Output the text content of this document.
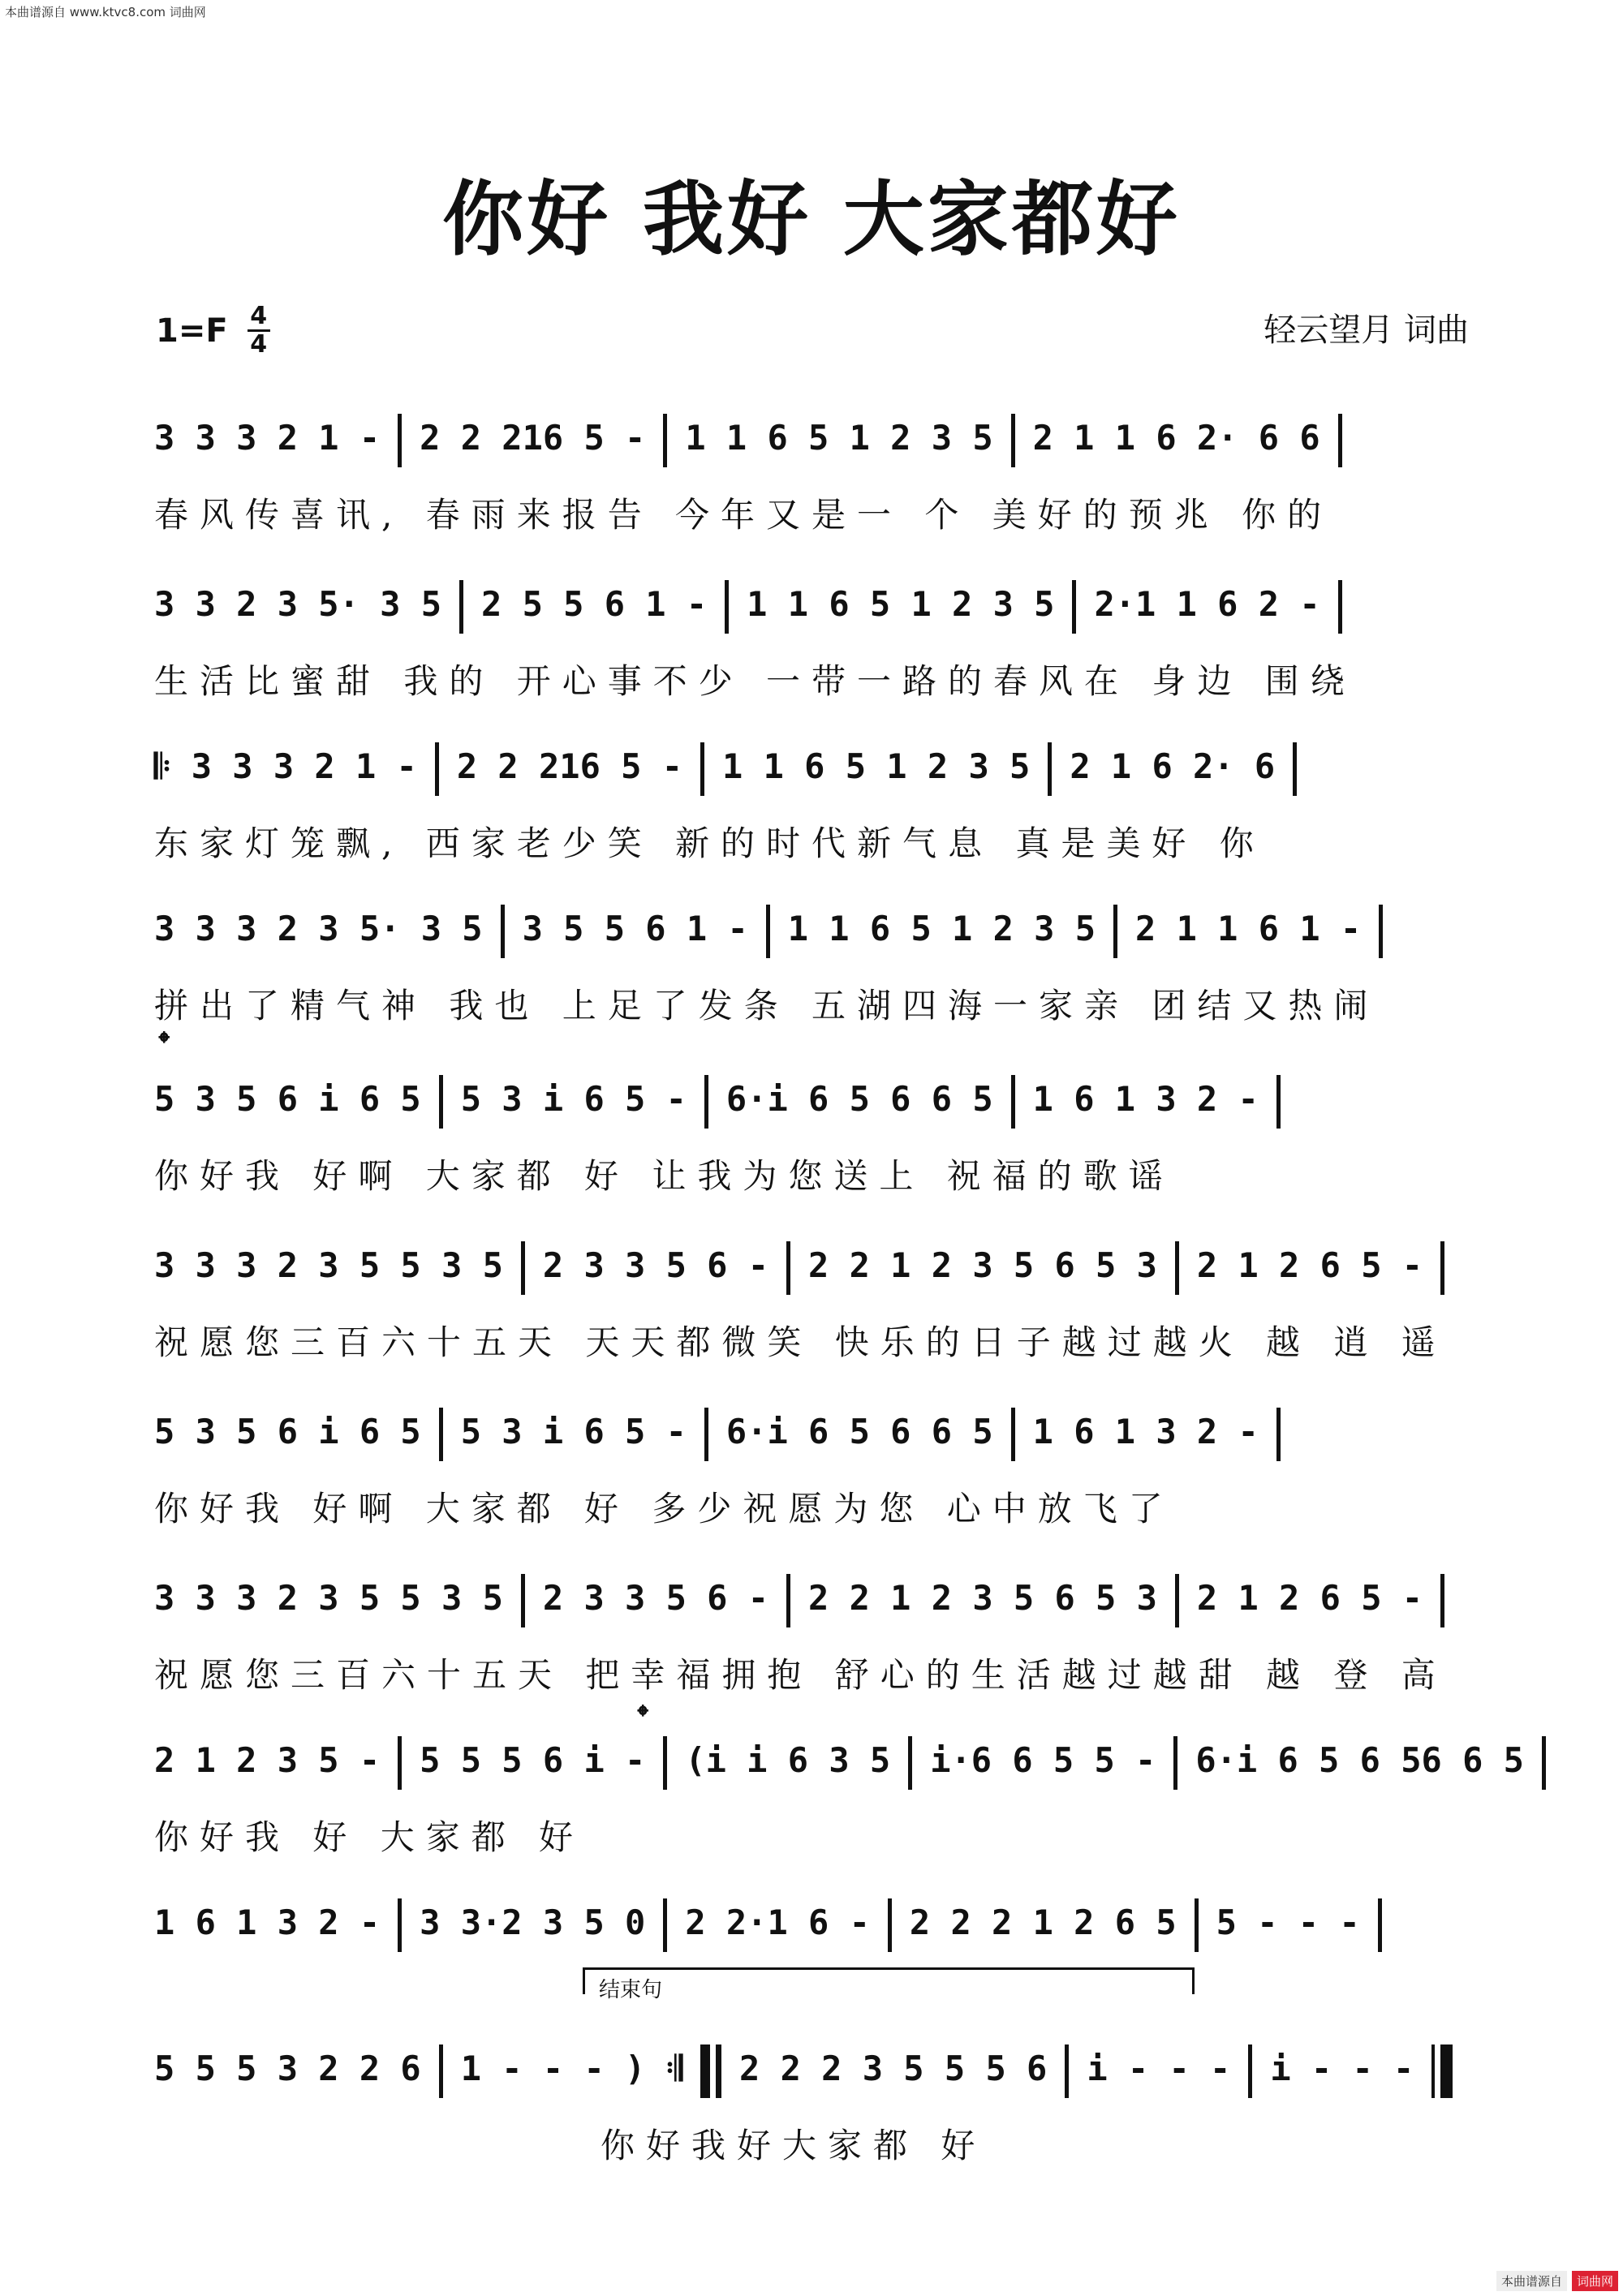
本曲谱源自 www.ktvc8.com 词曲网
你好 我好 大家都好
1=F 4
4	轻云望月 词曲
𝄌
𝄌
3 3 3 2 1 - 2 2 216 5 - 1 1 6 5 1 2 3 5 2 1 1 6 2· 6 6
春风传喜讯, 春雨来报告 今年又是一 个 美好的预兆 你的
3 3 2 3 5· 3 5 2 5 5 6 1 - 1 1 6 5 1 2 3 5 2·1 1 6 2 -
生活比蜜甜 我的 开心事不少 一带一路的春风在 身边 围绕
𝄆 3 3 3 2 1 - 2 2 216 5 - 1 1 6 5 1 2 3 5 2 1 6 2· 6
东家灯笼飘, 西家老少笑 新的时代新气息 真是美好 你
3 3 3 2 3 5· 3 5 3 5 5 6 1 - 1 1 6 5 1 2 3 5 2 1 1 6 1 -
拼出了精气神 我也 上足了发条 五湖四海一家亲 团结又热闹
5 3 5 6 i 6 5 5 3 i 6 5 - 6·i 6 5 6 6 5 1 6 1 3 2 -
你好我 好啊 大家都 好 让我为您送上 祝福的歌谣
3 3 3 2 3 5 5 3 5 2 3 3 5 6 - 2 2 1 2 3 5 6 5 3 2 1 2 6 5 -
祝愿您三百六十五天 天天都微笑 快乐的日子越过越火 越 逍 遥
5 3 5 6 i 6 5 5 3 i 6 5 - 6·i 6 5 6 6 5 1 6 1 3 2 -
你好我 好啊 大家都 好 多少祝愿为您 心中放飞了
3 3 3 2 3 5 5 3 5 2 3 3 5 6 - 2 2 1 2 3 5 6 5 3 2 1 2 6 5 -
祝愿您三百六十五天 把幸福拥抱 舒心的生活越过越甜 越 登 高
2 1 2 3 5 - 5 5 5 6 i - (i i 6 3 5 i·6 6 5 5 - 6·i 6 5 6 56 6 5
你好我 好 大家都 好
1 6 1 3 2 - 3 3·2 3 5 0 2 2·1 6 - 2 2 2 1 2 6 5 5 - - -
5 5 5 3 2 2 6 1 - - - ) 𝄇 2 2 2 3 5 5 5 6 i - - - i - - -
你好我好大家都 好
结束句
本曲谱源自	词曲网
